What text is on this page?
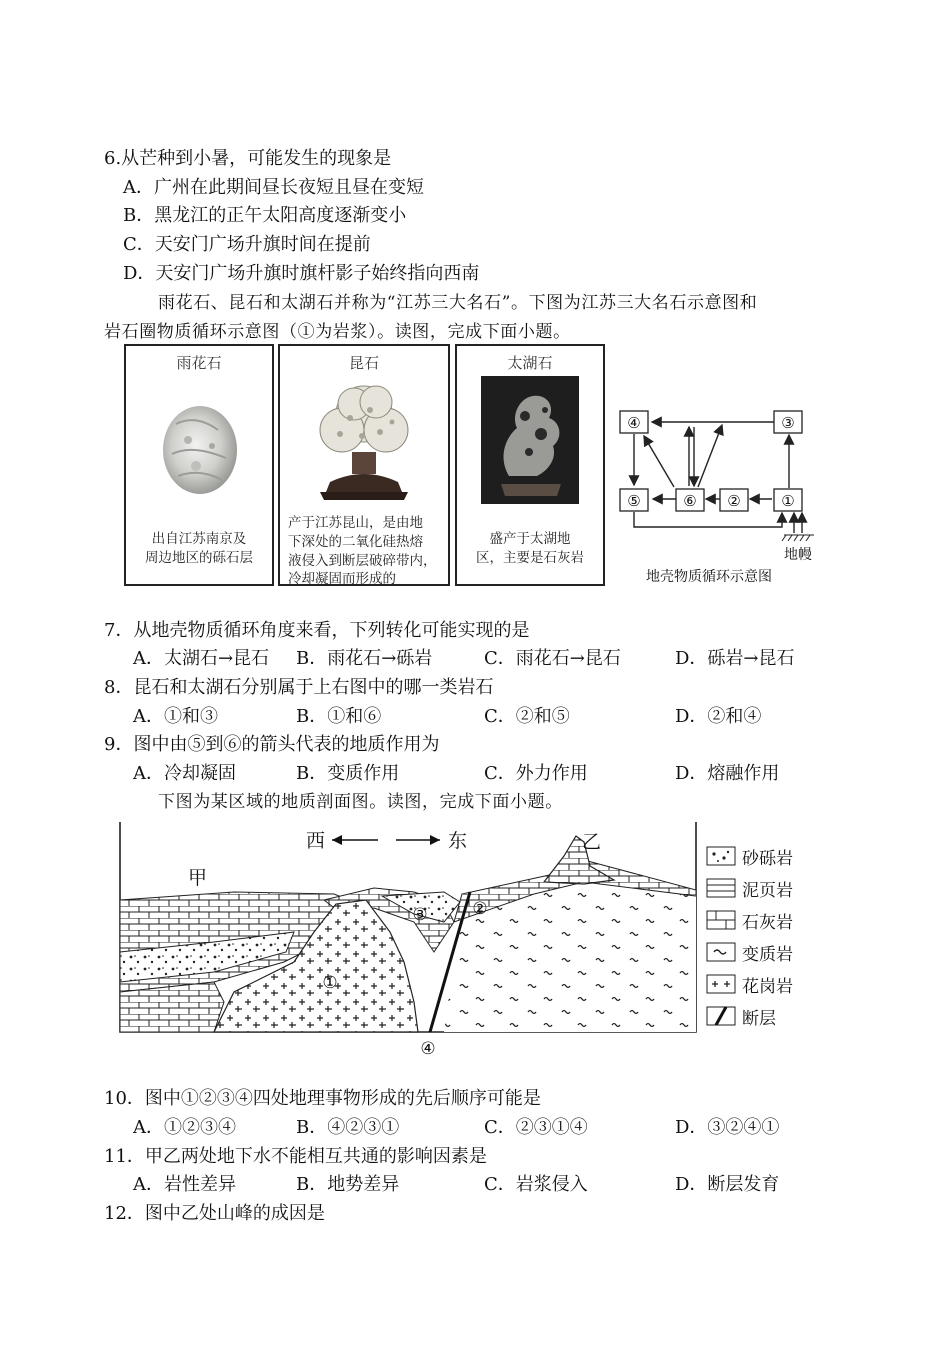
6.从芒种到小暑，可能发生的现象是
A．广州在此期间昼长夜短且昼在变短
B．黑龙江的正午太阳高度逐渐变小
C．天安门广场升旗时间在提前
D．天安门广场升旗时旗杆影子始终指向西南
雨花石、昆石和太湖石并称为“江苏三大名石”。下图为江苏三大名石示意图和
岩石圈物质循环示意图（①为岩浆）。读图，完成下面小题。
雨花石
出自江苏南京及
周边地区的砾石层
昆石
产于江苏昆山，是由地
下深处的二氧化硅热熔
液侵入到断层破碎带内，
冷却凝固而形成的
太湖石
盛产于太湖地
区，主要是石灰岩
④	③
⑤	⑥ ②	①
地幔
地壳物质循环示意图
7．从地壳物质循环角度来看，下列转化可能实现的是
A．太湖石→昆石 B．雨花石→砾岩	C．雨花石→昆石	D．砾岩→昆石
8．昆石和太湖石分别属于上右图中的哪一类岩石
A．①和③	B．①和⑥	C．②和⑤	D．②和④
9．图中由⑤到⑥的箭头代表的地质作用为
A．冷却凝固	B．变质作用	C．外力作用	D．熔融作用
下图为某区域的地质剖面图。读图，完成下面小题。
西	东
甲
乙
①
②
③
④
砂砾岩
泥页岩
石灰岩
变质岩
花岗岩
断层
10．图中①②③④四处地理事物形成的先后顺序可能是
A．①②③④	B．④②③①	C．②③①④	D．③②④①
11．甲乙两处地下水不能相互共通的影响因素是
A．岩性差异	B．地势差异	C．岩浆侵入	D．断层发育
12．图中乙处山峰的成因是
